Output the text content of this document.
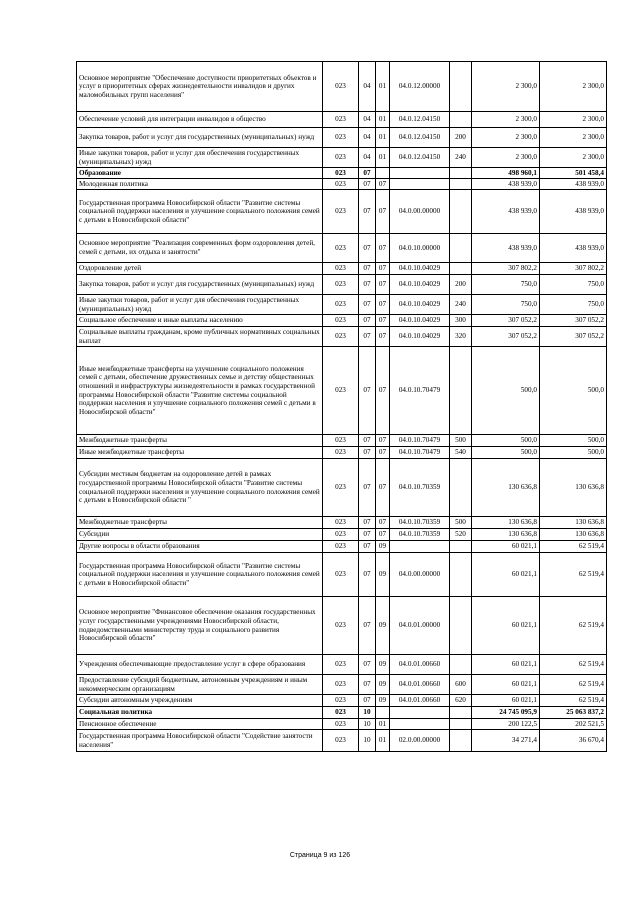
Основное мероприятие "Обеспечение доступности приоритетных объектов и услуг в приоритетных сферах жизнедеятельности инвалидов и других маломобильных групп населения"	023	04	01	04.0.12.00000		2 300,0	2 300,0
Обеспечение условий для интеграции инвалидов в общество	023	04	01	04.0.12.04150		2 300,0	2 300,0
Закупка товаров, работ и услуг для государственных (муниципальных) нужд	023	04	01	04.0.12.04150	200	2 300,0	2 300,0
Иные закупки товаров, работ и услуг для обеспечения государственных (муниципальных) нужд	023	04	01	04.0.12.04150	240	2 300,0	2 300,0
Образование	023	07				498 960,1	501 458,4
Молодежная политика	023	07	07			438 939,0	438 939,0
Государственная программа Новосибирской области "Развитие системы социальной поддержки населения и улучшение социального положения семей с детьми в Новосибирской области"	023	07	07	04.0.00.00000		438 939,0	438 939,0
Основное мероприятие "Реализация современных форм оздоровления детей, семей с детьми, их отдыха и занятости"	023	07	07	04.0.10.00000		438 939,0	438 939,0
Оздоровление детей	023	07	07	04.0.10.04029		307 802,2	307 802,2
Закупка товаров, работ и услуг для государственных (муниципальных) нужд	023	07	07	04.0.10.04029	200	750,0	750,0
Иные закупки товаров, работ и услуг для обеспечения государственных (муниципальных) нужд	023	07	07	04.0.10.04029	240	750,0	750,0
Социальное обеспечение и иные выплаты населению	023	07	07	04.0.10.04029	300	307 052,2	307 052,2
Социальные выплаты гражданам, кроме публичных нормативных социальных выплат	023	07	07	04.0.10.04029	320	307 052,2	307 052,2
Иные межбюджетные трансферты на улучшение социального положения семей с детьми, обеспечение дружественных семье и детству общественных отношений и инфраструктуры жизнедеятельности в рамках государственной программы Новосибирской области "Развитие системы социальной поддержки населения и улучшение социального положения семей с детьми в Новосибирской области"	023	07	07	04.0.10.70479		500,0	500,0
Межбюджетные трансферты	023	07	07	04.0.10.70479	500	500,0	500,0
Иные межбюджетные трансферты	023	07	07	04.0.10.70479	540	500,0	500,0
Субсидии местным бюджетам на оздоровление детей в рамках государственной программы Новосибирской области "Развитие системы социальной поддержки населения и улучшение социального положения семей с детьми в Новосибирской области "	023	07	07	04.0.10.70359		130 636,8	130 636,8
Межбюджетные трансферты	023	07	07	04.0.10.70359	500	130 636,8	130 636,8
Субсидии	023	07	07	04.0.10.70359	520	130 636,8	130 636,8
Другие вопросы в области образования	023	07	09			60 021,1	62 519,4
Государственная программа Новосибирской области "Развитие системы социальной поддержки населения и улучшение социального положения семей с детьми в Новосибирской области"	023	07	09	04.0.00.00000		60 021,1	62 519,4
Основное мероприятие "Финансовое обеспечение оказания государственных услуг государственными учреждениями Новосибирской области, подведомственными министерству труда и социального развития Новосибирской области"	023	07	09	04.0.01.00000		60 021,1	62 519,4
Учреждения обеспечивающие предоставление услуг в сфере образования	023	07	09	04.0.01.00660		60 021,1	62 519,4
Предоставление субсидий бюджетным, автономным учреждениям и иным некоммерческим организациям	023	07	09	04.0.01.00660	600	60 021,1	62 519,4
Субсидии автономным учреждениям	023	07	09	04.0.01.00660	620	60 021,1	62 519,4
Социальная политика	023	10				24 745 095,9	25 063 837,2
Пенсионное обеспечение	023	10	01			200 122,5	202 521,5
Государственная программа Новосибирской области "Содействие занятости населения"	023	10	01	02.0.00.00000		34 271,4	36 670,4
Страница 9 из 126
